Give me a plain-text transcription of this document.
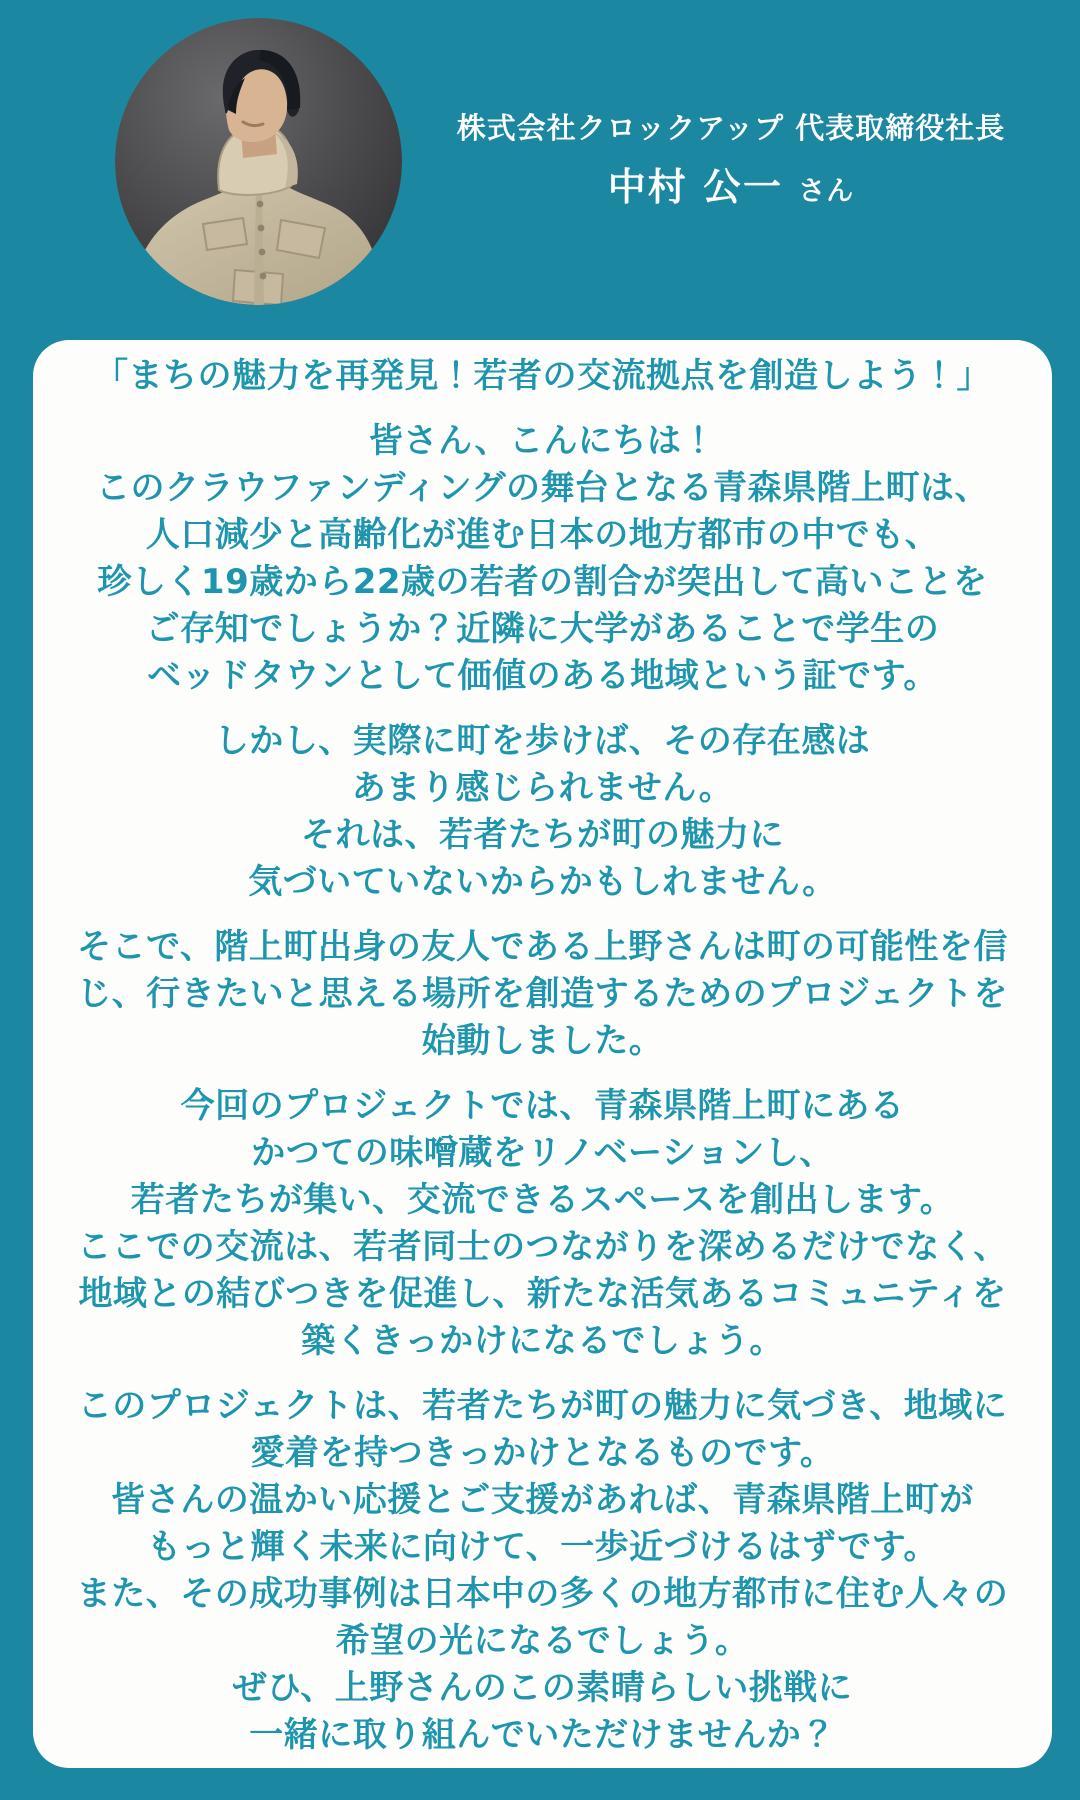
株式会社クロックアップ 代表取締役社長
中村 公一 さん
「まちの魅力を再発見！若者の交流拠点を創造しよう！」
皆さん、こんにちは！
このクラウファンディングの舞台となる青森県階上町は、
人口減少と高齢化が進む日本の地方都市の中でも、
珍しく19歳から22歳の若者の割合が突出して高いことを
ご存知でしょうか？近隣に大学があることで学生の
ベッドタウンとして価値のある地域という証です。
しかし、実際に町を歩けば、その存在感は
あまり感じられません。
それは、若者たちが町の魅力に
気づいていないからかもしれません。
そこで、階上町出身の友人である上野さんは町の可能性を信
じ、行きたいと思える場所を創造するためのプロジェクトを
始動しました。
今回のプロジェクトでは、青森県階上町にある
かつての味噌蔵をリノベーションし、
若者たちが集い、交流できるスペースを創出します。
ここでの交流は、若者同士のつながりを深めるだけでなく、
地域との結びつきを促進し、新たな活気あるコミュニティを
築くきっかけになるでしょう。
このプロジェクトは、若者たちが町の魅力に気づき、地域に
愛着を持つきっかけとなるものです。
皆さんの温かい応援とご支援があれば、青森県階上町が
もっと輝く未来に向けて、一歩近づけるはずです。
また、その成功事例は日本中の多くの地方都市に住む人々の
希望の光になるでしょう。
ぜひ、上野さんのこの素晴らしい挑戦に
一緒に取り組んでいただけませんか？
